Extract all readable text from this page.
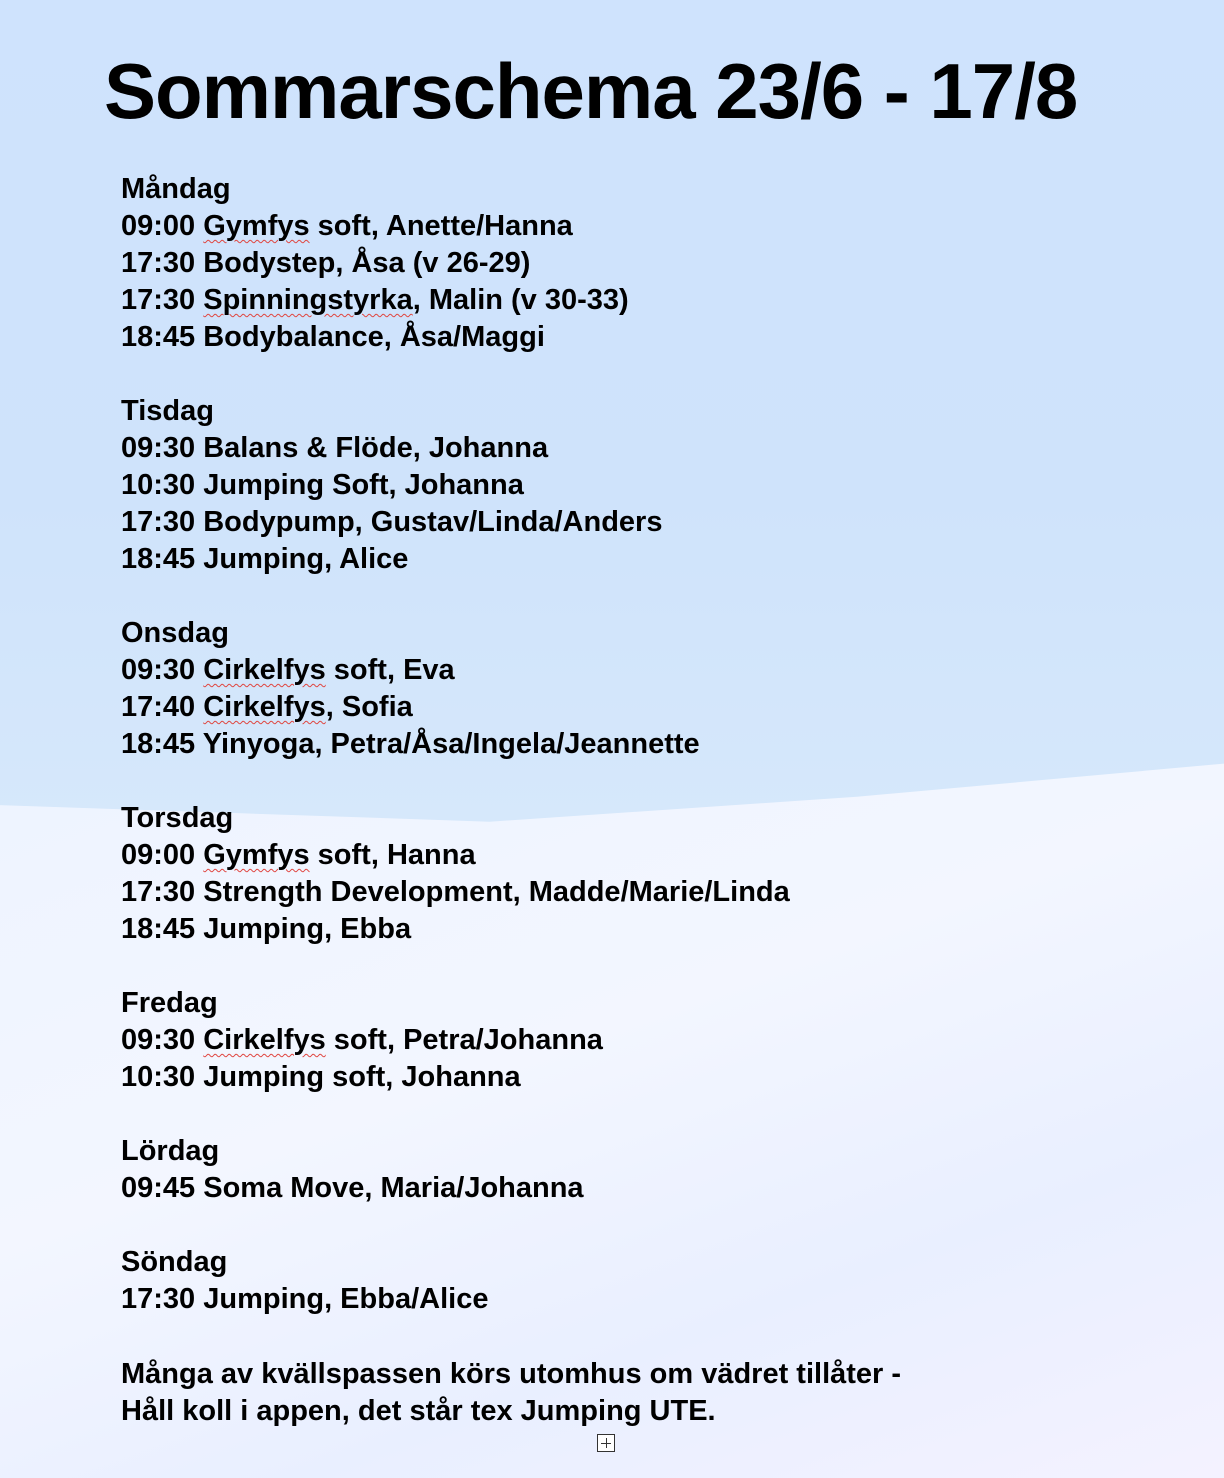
Sommarschema 23/6 - 17/8
Måndag
09:00 Gymfys soft, Anette/Hanna
17:30 Bodystep, Åsa (v 26-29)
17:30 Spinningstyrka, Malin (v 30-33)
18:45 Bodybalance, Åsa/Maggi
Tisdag
09:30 Balans & Flöde, Johanna
10:30 Jumping Soft, Johanna
17:30 Bodypump, Gustav/Linda/Anders
18:45 Jumping, Alice
Onsdag
09:30 Cirkelfys soft, Eva
17:40 Cirkelfys, Sofia
18:45 Yinyoga, Petra/Åsa/Ingela/Jeannette
Torsdag
09:00 Gymfys soft, Hanna
17:30 Strength Development, Madde/Marie/Linda
18:45 Jumping, Ebba
Fredag
09:30 Cirkelfys soft, Petra/Johanna
10:30 Jumping soft, Johanna
Lördag
09:45 Soma Move, Maria/Johanna
Söndag
17:30 Jumping, Ebba/Alice
Många av kvällspassen körs utomhus om vädret tillåter -
Håll koll i appen, det står tex Jumping UTE.
